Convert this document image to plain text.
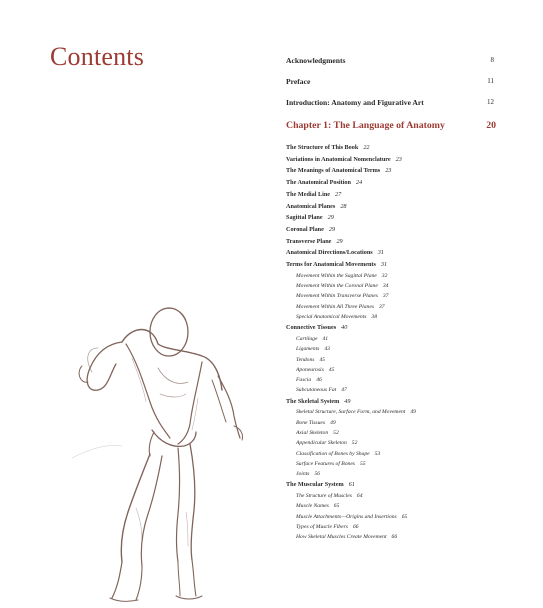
Contents	Acknowledgments	8
Preface	11
Introduction: Anatomy and Figurative Art	12
Chapter 1: The Language of Anatomy	20
The Structure of This Book 22
Variations in Anatomical Nomenclature 23
The Meanings of Anatomical Terms 23
The Anatomical Position 24
The Medial Line 27
Anatomical Planes 28
Sagittal Plane 29
Coronal Plane 29
Transverse Plane 29
Anatomical Directions/Locations 31
Terms for Anatomical Movements 31
Movement Within the Sagittal Plane 32
Movement Within the Coronal Plane 34
Movement Within Transverse Planes 37
Movement Within All Three Planes 37
Special Anatomical Movements 38
Connective Tissues 40
Cartilage 41
Ligaments 43
Tendons 45
Aponeurosis 45
Fascia 46
Subcutaneous Fat 47
The Skeletal System 49
Skeletal Structure, Surface Form, and Movement 49
Bone Tissues 49
Axial Skeleton 52
Appendicular Skeleton 52
Classification of Bones by Shape 53
Surface Features of Bones 55
Joints 56
The Muscular System 61
The Structure of Muscles 64
Muscle Names 65
Muscle Attachments—Origins and Insertions 65
Types of Muscle Fibers 66
How Skeletal Muscles Create Movement 66
